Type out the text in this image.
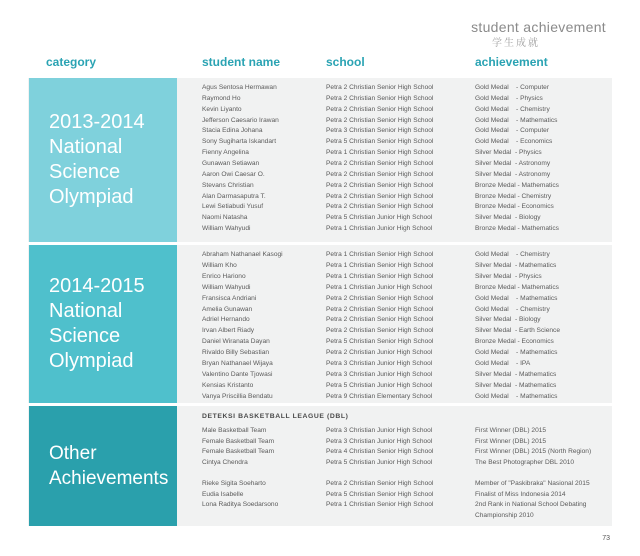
student achievement
学生成就
category	student name	school	achievement
2013-2014
National
Science
Olympiad
Agus Sentosa Hermawan	Petra 2 Christian Senior High School	Gold Medal    - Computer
Raymond Ho	Petra 2 Christian Senior High School	Gold Medal    - Physics
Kevin Liyanto	Petra 2 Christian Senior High School	Gold Medal    - Chemistry
Jefferson Caesario Irawan	Petra 2 Christian Senior High School	Gold Medal    - Mathematics
Stacia Edina Johana	Petra 3 Christian Senior High School	Gold Medal    - Computer
Sony Sugiharta Iskandart	Petra 5 Christian Senior High School	Gold Medal    - Economics
Fienny Angelina	Petra 1 Christian Senior High School	Silver Medal  - Physics
Gunawan Setiawan	Petra 2 Christian Senior High School	Silver Medal  - Astronomy
Aaron Owi Caesar O.	Petra 2 Christian Senior High School	Silver Medal  - Astronomy
Stevans Christian	Petra 2 Christian Senior High School	Bronze Medal - Mathematics
Alan Darmasaputra T.	Petra 2 Christian Senior High School	Bronze Medal - Chemistry
Lewi Setiabudi Yusuf	Petra 2 Christian Senior High School	Bronze Medal - Economics
Naomi Natasha	Petra 5 Christian Junior High School	Silver Medal  - Biology
William Wahyudi	Petra 1 Christian Junior High School	Bronze Medal - Mathematics
2014-2015
National
Science
Olympiad
Abraham Nathanael Kasogi	Petra 1 Christian Senior High School	Gold Medal    - Chemistry
William Kho	Petra 1 Christian Senior High School	Silver Medal  - Mathematics
Enrico Hariono	Petra 1 Christian Senior High School	Silver Medal  - Physics
William Wahyudi	Petra 1 Christian Junior High School	Bronze Medal - Mathematics
Fransisca Andriani	Petra 2 Christian Senior High School	Gold Medal    - Mathematics
Amelia Gunawan	Petra 2 Christian Senior High School	Gold Medal    - Chemistry
Adriel Hernando	Petra 2 Christian Senior High School	Silver Medal  - Biology
Irvan Albert Riady	Petra 2 Christian Senior High School	Silver Medal  - Earth Science
Daniel Wiranata Dayan	Petra 5 Christian Senior High School	Bronze Medal - Economics
Rivaldo Billy Sebastian	Petra 2 Christian Junior High School	Gold Medal    - Mathematics
Bryan Nathanael Wijaya	Petra 3 Christian Junior High School	Gold Medal    - IPA
Valentino Dante Tjowasi	Petra 3 Christian Junior High School	Silver Medal  - Mathematics
Kensias Kristanto	Petra 5 Christian Junior High School	Silver Medal  - Mathematics
Vanya Priscillia Bendatu	Petra 9 Christian Elementary School	Gold Medal    - Mathematics
Other
Achievements
DETEKSI BASKETBALL LEAGUE (DBL)
Male Basketball Team	Petra 3 Christian Junior High School	First Winner (DBL) 2015
Female Basketball Team	Petra 3 Christian Junior High School	First Winner (DBL) 2015
Female Basketball Team	Petra 4 Christian Senior High School	First Winner (DBL) 2015 (North Region)
Cintya Chendra	Petra 5 Christian Junior High School	The Best Photographer DBL 2010
Rieke Sigita Soeharto	Petra 2 Christian Senior High School	Member of "Paskibraka" Nasional 2015
Eudia Isabelle	Petra 5 Christian Senior High School	Finalist of Miss Indonesia 2014
Lona Raditya Soedarsono	Petra 1 Christian Senior High School	2nd Rank in National School Debating
Championship 2010
73
